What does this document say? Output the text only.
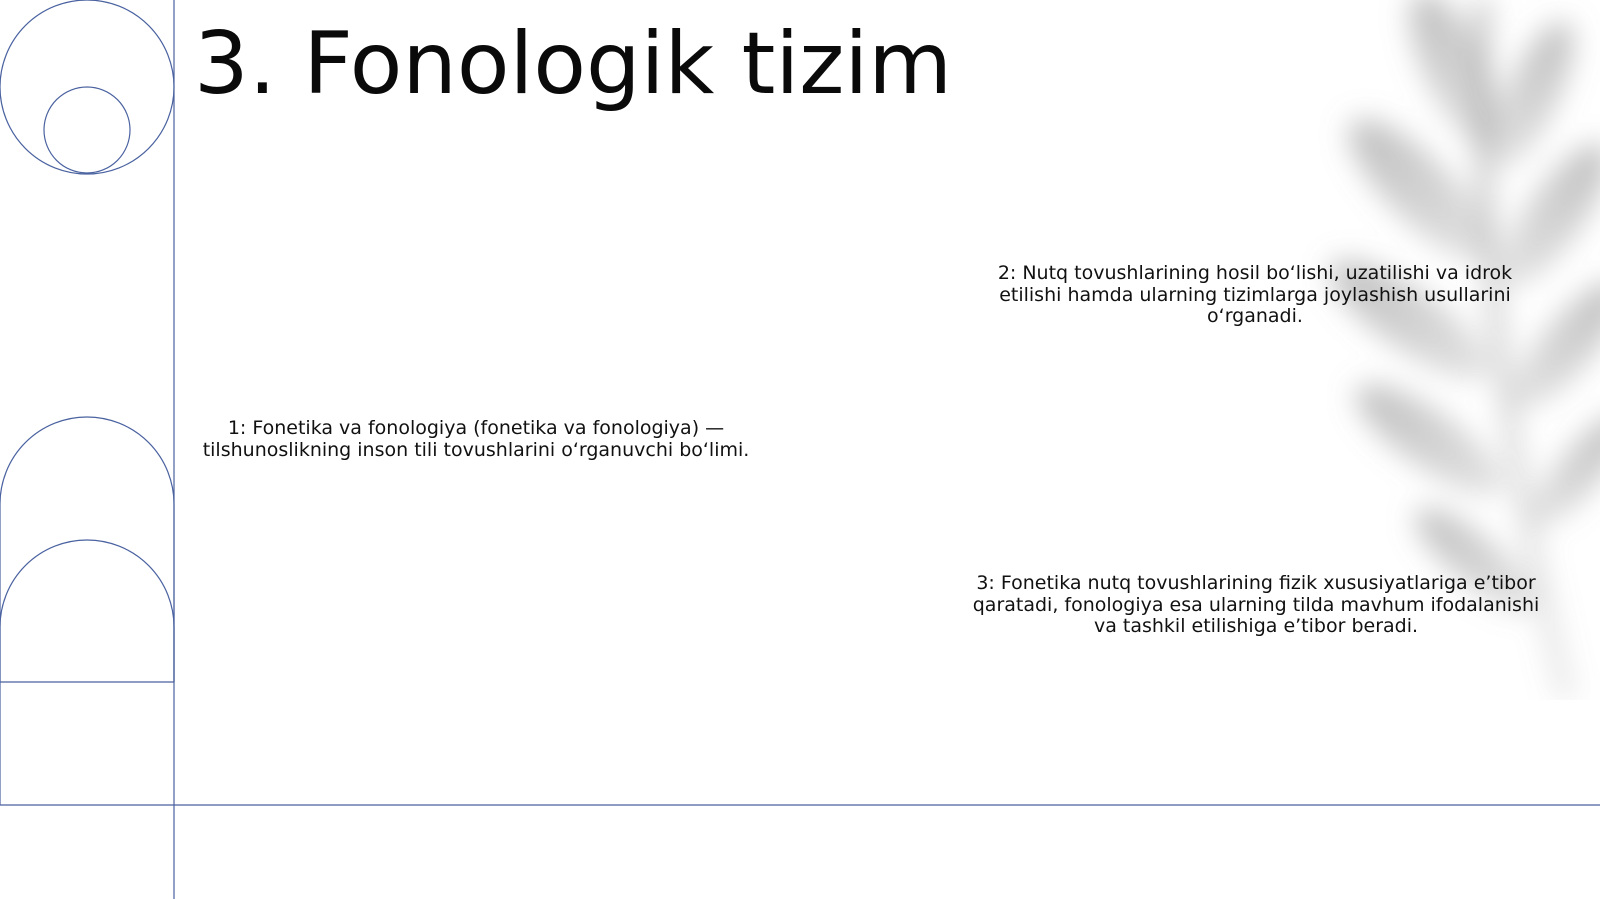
3. Fonologik tizim

1: Fonetika va fonologiya (fonetika va fonologiya) — tilshunoslikning inson tili tovushlarini o‘rganuvchi bo‘limi.

2: Nutq tovushlarining hosil bo‘lishi, uzatilishi va idrok etilishi hamda ularning tizimlarga joylashish usullarini o‘rganadi.

3: Fonetika nutq tovushlarining fizik xususiyatlariga e’tibor qaratadi, fonologiya esa ularning tilda mavhum ifodalanishi va tashkil etilishiga e’tibor beradi.
